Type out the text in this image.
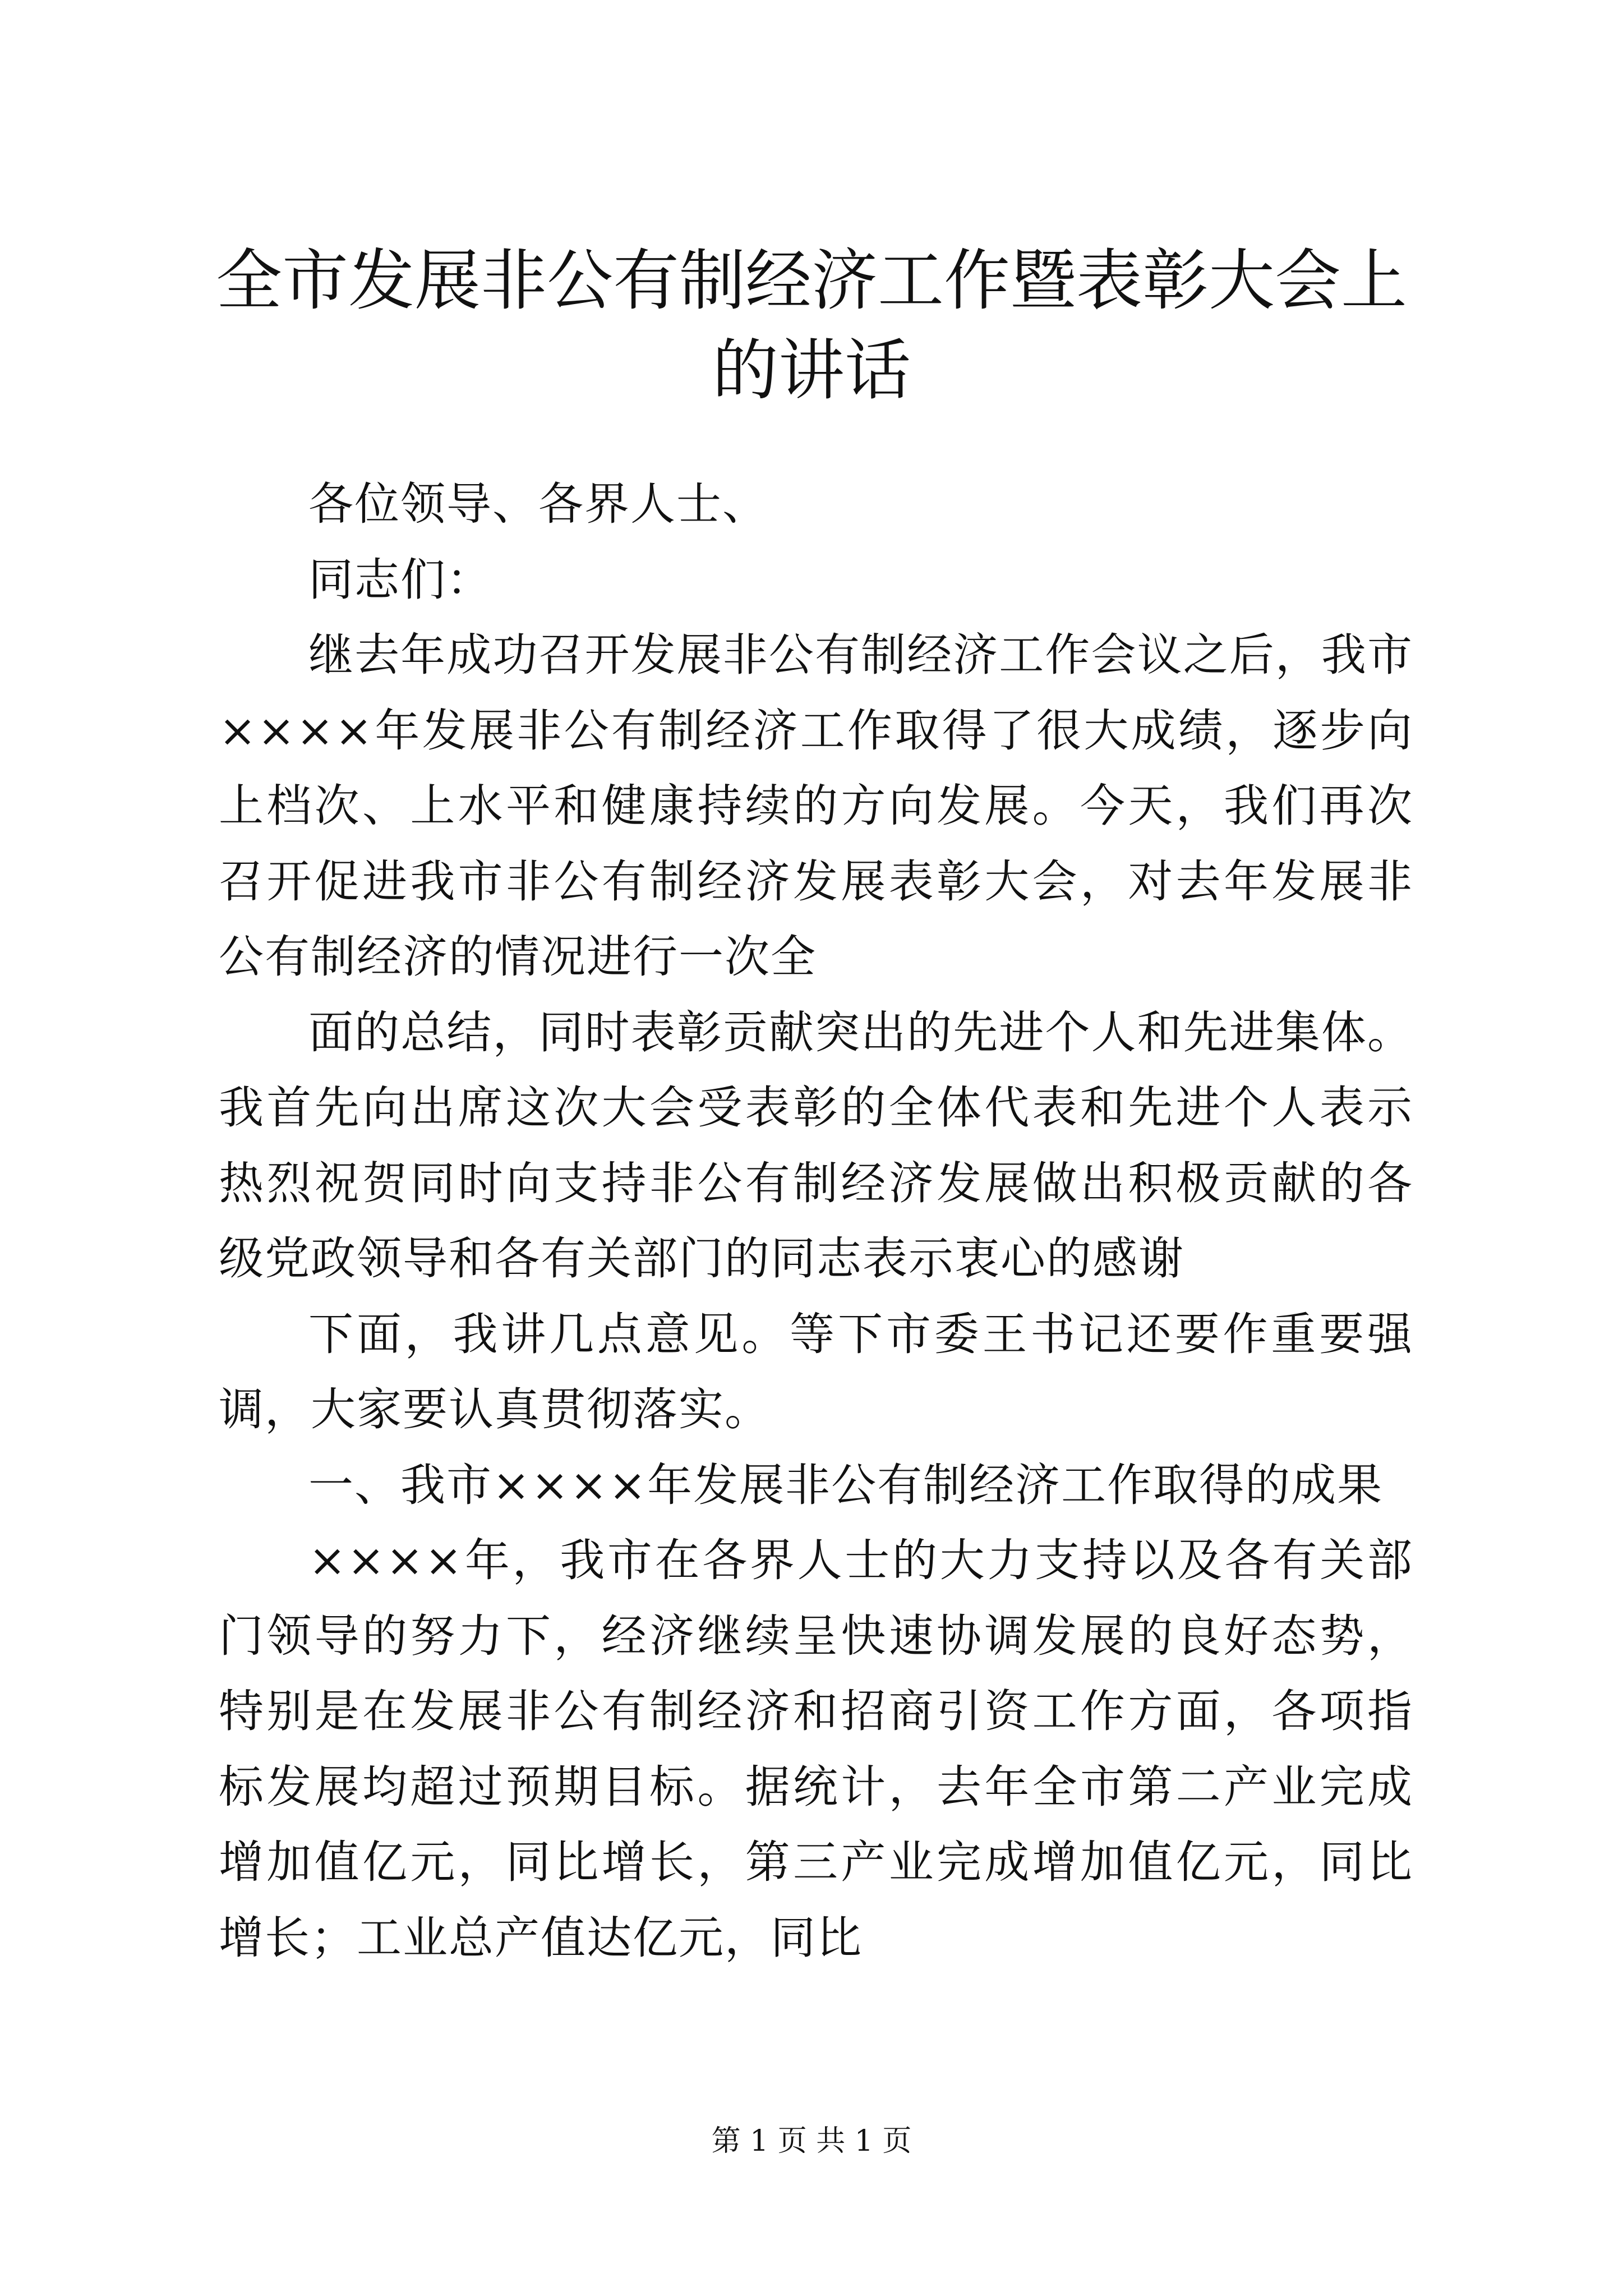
全市发展非公有制经济工作暨表彰大会上的讲话

各位领导、各界人士、

同志们：

继去年成功召开发展非公有制经济工作会议之后，我市××××年发展非公有制经济工作取得了很大成绩，逐步向上档次、上水平和健康持续的方向发展。今天，我们再次召开促进我市非公有制经济发展表彰大会，对去年发展非公有制经济的情况进行一次全

面的总结，同时表彰贡献突出的先进个人和先进集体。我首先向出席这次大会受表彰的全体代表和先进个人表示热烈祝贺同时向支持非公有制经济发展做出积极贡献的各级党政领导和各有关部门的同志表示衷心的感谢

下面，我讲几点意见。等下市委王书记还要作重要强调，大家要认真贯彻落实。

一、我市××××年发展非公有制经济工作取得的成果

××××年，我市在各界人士的大力支持以及各有关部门领导的努力下，经济继续呈快速协调发展的良好态势，特别是在发展非公有制经济和招商引资工作方面，各项指标发展均超过预期目标。据统计，去年全市第二产业完成增加值亿元，同比增长，第三产业完成增加值亿元，同比增长；工业总产值达亿元，同比

第 1 页 共 1 页
